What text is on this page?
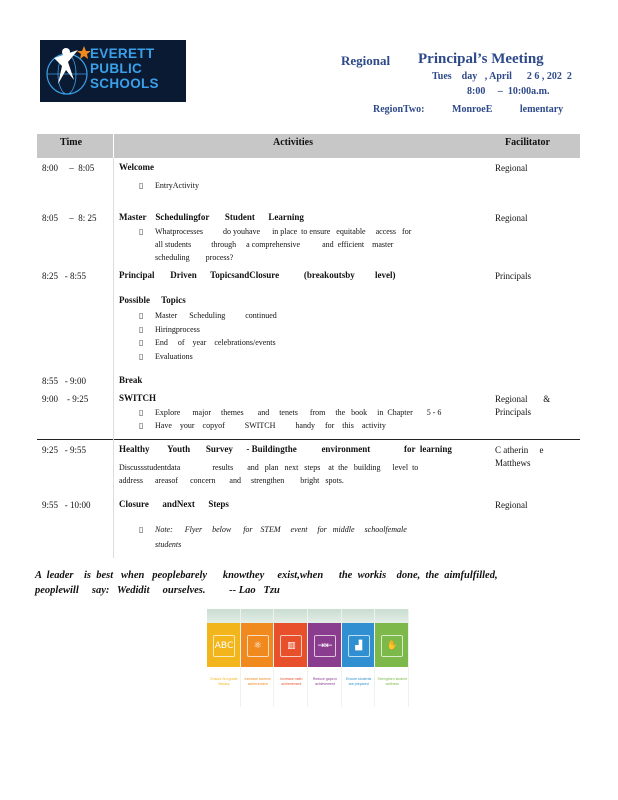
EVERETT
PUBLIC
SCHOOLS
Regional Principal’s Meeting
Tues    day   , April      2 6 , 202  2
8:00     –  10:00a.m.
RegionTwo:	MonroeE           lementary
Time	Activities	Facilitator
8:00     –  8:05	Welcome
▯ EntryActivity
Regional
8:05     –  8: 25 Master    Schedulingfor       Student      Learning
▯ Whatprocesses          do youhave      in place  to ensure   equitable     access   for
all students          through     a comprehensive           and  efficient    master
scheduling        process?
Regional
8:25   - 8:55	Principal       Driven      TopicsandClosure           (breakoutsby         level)	Principals
Possible     Topics
▯ Master      Scheduling          continued
▯ Hiringprocess
▯ End     of    year    celebrations/events
▯ Evaluations
8:55   - 9:00	Break
9:00    - 9:25	SWITCH
▯ Explore      major     themes       and     tenets      from     the   book     in  Chapter       5 - 6
▯ Have    your    copyof          SWITCH          handy     for    this    activity
Regional       &
Principals
9:25   - 9:55	Healthy        Youth       Survey      - Buildingthe           environment               for  learning
Discussstudentdata                results       and   plan   next   steps    at  the   building      level  to
address      areasof      concern       and     strengthen        bright   spots.
C atherin     e
Matthews
9:55   - 10:00	Closure      andNext      Steps
▯ Note:      Flyer     below      for    STEM     event     for   middle     schoolfemale
students
Regional
A  leader    is  best   when   peoplebarely      knowthey     exist,when      the  workis    done,  the  aimfulfilled,
peoplewill     say:   Wedidit     ourselves.         -- Lao   Tzu
ABC
Ensure 3rd grade literacy
⚛
Increase science achievement
▥
Increase math achievement
⇥⇤
Reduce gaps in achievement
▟
Ensure students are prepared
✋
Strengthen student wellness
